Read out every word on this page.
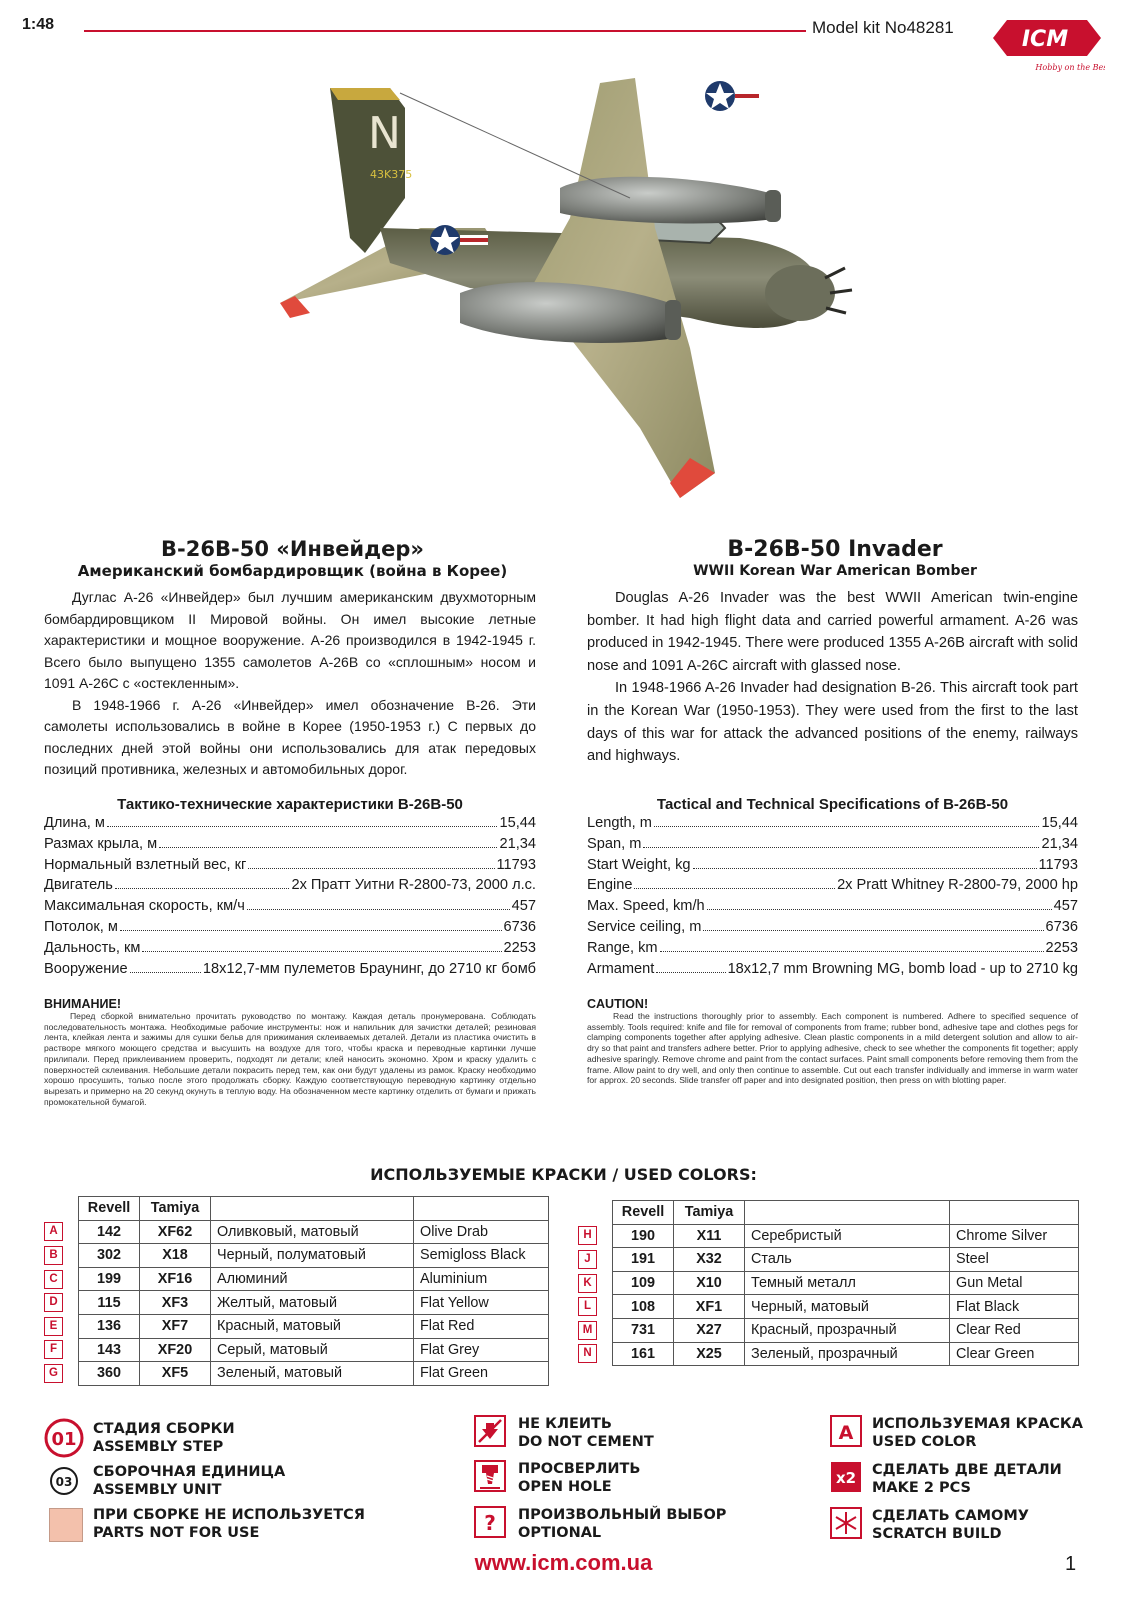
1:48	Model kit No48281	ICM
Hobby on the Best
N
43K375
B-26B-50 «Инвейдер»
Американский бомбардировщик (война в Корее)
B-26B-50 Invader
WWII Korean War American Bomber

Дуглас А-26 «Инвейдер» был лучшим американским двухмоторным бомбардировщиком II Мировой войны. Он имел высокие летные характеристики и мощное вооружение. А-26 производился в 1942-1945 г. Всего было выпущено 1355 самолетов А-26В со «сплошным» носом и 1091 А-26С с «остекленным».

В 1948-1966 г. А-26 «Инвейдер» имел обозначение В-26. Эти самолеты использовались в войне в Корее (1950-1953 г.) С первых до последних дней этой войны они использовались для атак передовых позиций противника, железных и автомобильных дорог.

Douglas A-26 Invader was the best WWII American twin-engine bomber. It had high flight data and carried powerful armament. A-26 was produced in 1942-1945. There were produced 1355 A-26B aircraft with solid nose and 1091 A-26C aircraft with glassed nose.

In 1948-1966 A-26 Invader had designation B-26. This aircraft took part in the Korean War (1950-1953). They were used from the first to the last days of this war for attack the advanced positions of the enemy, railways and highways.

Тактико-технические характеристики В-26В-50
Длина, м	15,44
Размах крыла, м	21,34
Нормальный взлетный вес, кг	11793
Двигатель	2х Пратт Уитни R-2800-73, 2000 л.с.
Максимальная скорость, км/ч	457
Потолок, м	6736
Дальность, км	2253
Вооружение	18х12,7-мм пулеметов Браунинг, до 2710 кг бомб
Tactical and Technical Specifications of B-26B-50
Length, m	15,44
Span, m	21,34
Start Weight, kg	11793
Engine	2x Pratt Whitney R-2800-79, 2000 hp
Max. Speed, km/h	457
Service ceiling, m	6736
Range, km	2253
Armament	18x12,7 mm Browning MG, bomb load - up to 2710 kg
ВНИМАНИЕ!
Перед сборкой внимательно прочитать руководство по монтажу. Каждая деталь пронумерована. Соблюдать последовательность монтажа. Необходимые рабочие инструменты: нож и напильник для зачистки деталей; резиновая лента, клейкая лента и зажимы для сушки бельв для прижимания склеиваемых деталей. Детали из пластика очистить в растворе мягкого моющего средства и высушить на воздухе для того, чтобы краска и переводные картинки лучше прилипали. Перед приклеиванием проверить, подходят ли детали; клей наносить экономно. Хром и краску удалить с поверхностей склеивания. Небольшие детали покрасить перед тем, как они будут удалены из рамок. Краску необходимо хорошо просушить, только после этого продолжать сборку. Каждую соответствующую переводную картинку отдельно вырезать и примерно на 20 секунд окунуть в теплую воду. На обозначенном месте картинку отделить от бумаги и прижать промокательной бумагой.
CAUTION!
Read the instructions thoroughly prior to assembly. Each component is numbered. Adhere to specified sequence of assembly. Tools required: knife and file for removal of components from frame; rubber bond, adhesive tape and clothes pegs for clamping components together after applying adhesive. Clean plastic components in a mild detergent solution and allow to air-dry so that paint and transfers adhere better. Prior to applying adhesive, check to see whether the components fit together; apply adhesive sparingly. Remove chrome and paint from the contact surfaces. Paint small components before removing them from the frame. Allow paint to dry well, and only then continue to assemble. Cut out each transfer individually and immerse in warm water for approx. 20 seconds. Slide transfer off paper and into designated position, then press on with blotting paper.
ИСПОЛЬЗУЕМЫЕ КРАСКИ / USED COLORS:
	Revell	Tamiya		
A	142	XF62	Оливковый, матовый	Olive Drab
B	302	X18	Черный, полуматовый	Semigloss Black
C	199	XF16	Алюминий	Aluminium
D	115	XF3	Желтый, матовый	Flat Yellow
E	136	XF7	Красный, матовый	Flat Red
F	143	XF20	Серый, матовый	Flat Grey
G	360	XF5	Зеленый, матовый	Flat Green
	Revell	Tamiya		
H	190	X11	Серебристый	Chrome Silver
J	191	X32	Сталь	Steel
K	109	X10	Темный металл	Gun Metal
L	108	XF1	Черный, матовый	Flat Black
M	731	X27	Красный, прозрачный	Clear Red
N	161	X25	Зеленый, прозрачный	Clear Green
01 СТАДИЯ СБОРКИ
ASSEMBLY STEP
03
СБОРОЧНАЯ ЕДИНИЦА
ASSEMBLY UNIT
ПРИ СБОРКЕ НЕ ИСПОЛЬЗУЕТСЯ
PARTS NOT FOR USE
НЕ КЛЕИТЬ
DO NOT CEMENT
ПРОСВЕРЛИТЬ
OPEN HOLE
? ПРОИЗВОЛЬНЫЙ ВЫБОР
OPTIONAL
A ИСПОЛЬЗУЕМАЯ КРАСКА
USED COLOR
x2 СДЕЛАТЬ ДВЕ ДЕТАЛИ
MAKE 2 PCS
СДЕЛАТЬ САМОМУ
SCRATCH BUILD
www.icm.com.ua	1
